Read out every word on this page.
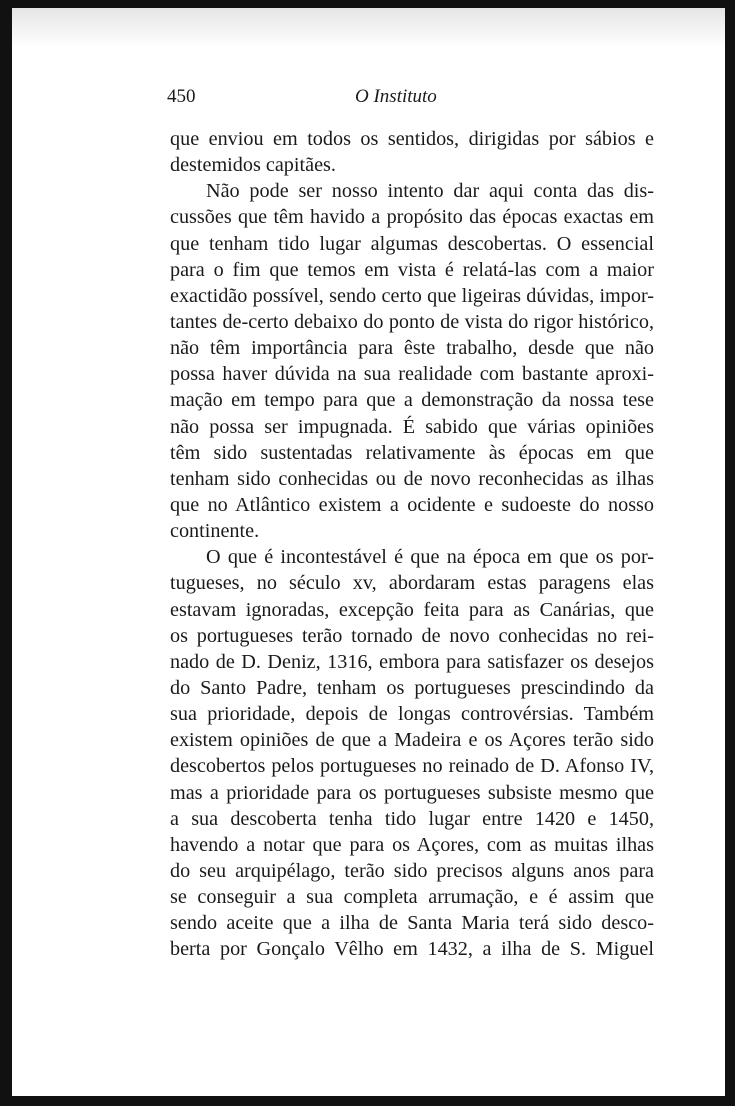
450	O Instituto
que enviou em todos os sentidos, dirigidas por sábios e
destemidos capitães.
Não pode ser nosso intento dar aqui conta das dis-
cussões que têm havido a propósito das épocas exactas em
que tenham tido lugar algumas descobertas. O essencial
para o fim que temos em vista é relatá-las com a maior
exactidão possível, sendo certo que ligeiras dúvidas, impor-
tantes de-certo debaixo do ponto de vista do rigor histórico,
não têm importância para êste trabalho, desde que não
possa haver dúvida na sua realidade com bastante aproxi-
mação em tempo para que a demonstração da nossa tese
não possa ser impugnada. É sabido que várias opiniões
têm sido sustentadas relativamente às épocas em que
tenham sido conhecidas ou de novo reconhecidas as ilhas
que no Atlântico existem a ocidente e sudoeste do nosso
continente.
O que é incontestável é que na época em que os por-
tugueses, no século xv, abordaram estas paragens elas
estavam ignoradas, excepção feita para as Canárias, que
os portugueses terão tornado de novo conhecidas no rei-
nado de D. Deniz, 1316, embora para satisfazer os desejos
do Santo Padre, tenham os portugueses prescindindo da
sua prioridade, depois de longas controvérsias. Também
existem opiniões de que a Madeira e os Açores terão sido
descobertos pelos portugueses no reinado de D. Afonso IV,
mas a prioridade para os portugueses subsiste mesmo que
a sua descoberta tenha tido lugar entre 1420 e 1450,
havendo a notar que para os Açores, com as muitas ilhas
do seu arquipélago, terão sido precisos alguns anos para
se conseguir a sua completa arrumação, e é assim que
sendo aceite que a ilha de Santa Maria terá sido desco-
berta por Gonçalo Vêlho em 1432, a ilha de S. Miguel
